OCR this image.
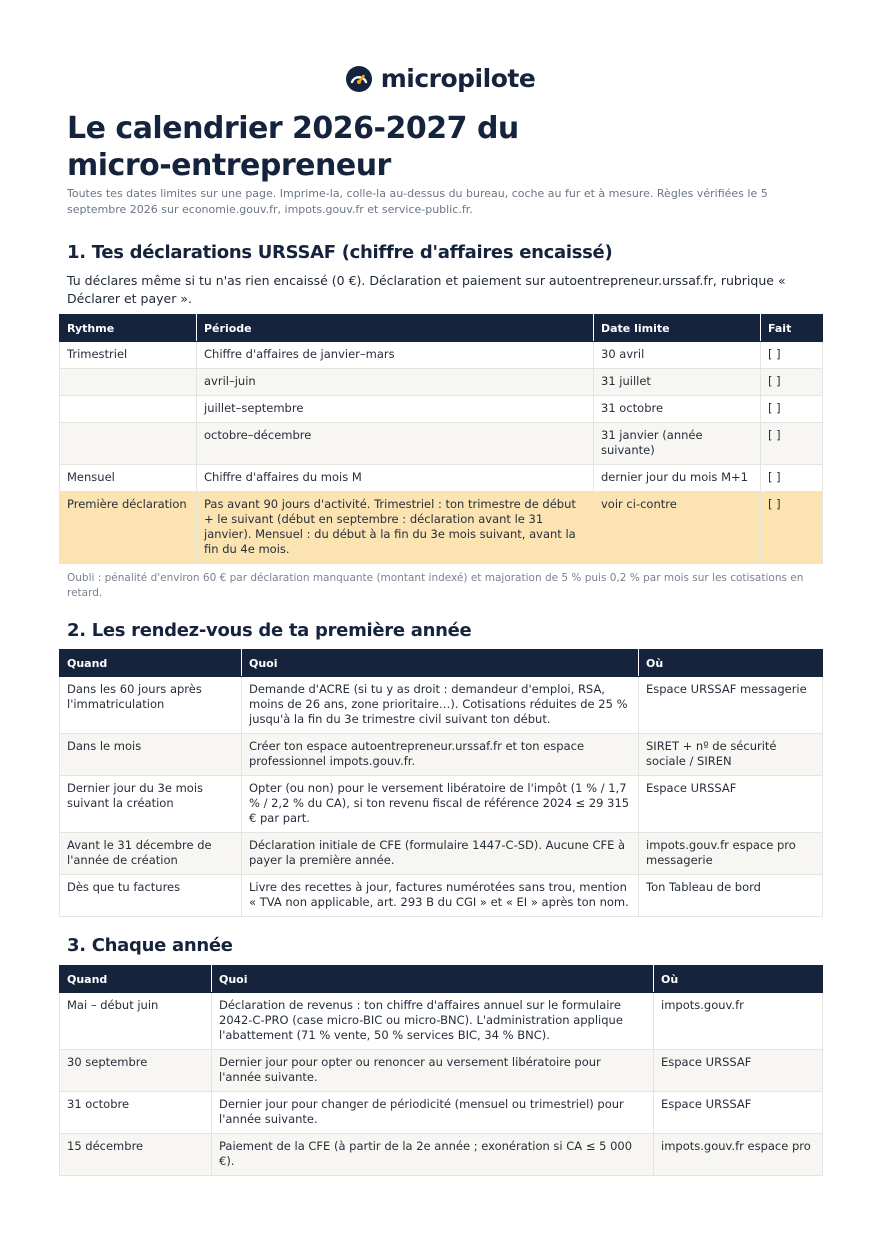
micropilote
Le calendrier 2026-2027 du micro-entrepreneur

Toutes tes dates limites sur une page. Imprime-la, colle-la au-dessus du bureau, coche au fur et à mesure. Règles vérifiées le 5 septembre 2026 sur economie.gouv.fr, impots.gouv.fr et service-public.fr.

1. Tes déclarations URSSAF (chiffre d'affaires encaissé)

Tu déclares même si tu n'as rien encaissé (0 €). Déclaration et paiement sur autoentrepreneur.urssaf.fr, rubrique « Déclarer et payer ».

Rythme	Période	Date limite	Fait
Trimestriel	Chiffre d'affaires de janvier–mars	30 avril	[ ]
	avril–juin	31 juillet	[ ]
	juillet–septembre	31 octobre	[ ]
	octobre–décembre	31 janvier (année suivante)	[ ]
Mensuel	Chiffre d'affaires du mois M	dernier jour du mois M+1	[ ]
Première déclaration	Pas avant 90 jours d'activité. Trimestriel : ton trimestre de début + le suivant (début en septembre : déclaration avant le 31 janvier). Mensuel : du début à la fin du 3e mois suivant, avant la fin du 4e mois.	voir ci-contre	[ ]

Oubli : pénalité d'environ 60 € par déclaration manquante (montant indexé) et majoration de 5 % puis 0,2 % par mois sur les cotisations en retard.

2. Les rendez-vous de ta première année
Quand	Quoi	Où
Dans les 60 jours après l'immatriculation	Demande d'ACRE (si tu y as droit : demandeur d'emploi, RSA, moins de 26 ans, zone prioritaire…). Cotisations réduites de 25 % jusqu'à la fin du 3e trimestre civil suivant ton début.	Espace URSSAF messagerie
Dans le mois	Créer ton espace autoentrepreneur.urssaf.fr et ton espace professionnel impots.gouv.fr.	SIRET + nº de sécurité sociale / SIREN
Dernier jour du 3e mois suivant la création	Opter (ou non) pour le versement libératoire de l'impôt (1 % / 1,7 % / 2,2 % du CA), si ton revenu fiscal de référence 2024 ≤ 29 315 € par part.	Espace URSSAF
Avant le 31 décembre de l'année de création	Déclaration initiale de CFE (formulaire 1447-C-SD). Aucune CFE à payer la première année.	impots.gouv.fr espace pro messagerie
Dès que tu factures	Livre des recettes à jour, factures numérotées sans trou, mention « TVA non applicable, art. 293 B du CGI » et « EI » après ton nom.	Ton Tableau de bord
3. Chaque année
Quand	Quoi	Où
Mai – début juin	Déclaration de revenus : ton chiffre d'affaires annuel sur le formulaire 2042-C-PRO (case micro-BIC ou micro-BNC). L'administration applique l'abattement (71 % vente, 50 % services BIC, 34 % BNC).	impots.gouv.fr
30 septembre	Dernier jour pour opter ou renoncer au versement libératoire pour l'année suivante.	Espace URSSAF
31 octobre	Dernier jour pour changer de périodicité (mensuel ou trimestriel) pour l'année suivante.	Espace URSSAF
15 décembre	Paiement de la CFE (à partir de la 2e année ; exonération si CA ≤ 5 000 €).	impots.gouv.fr espace pro
